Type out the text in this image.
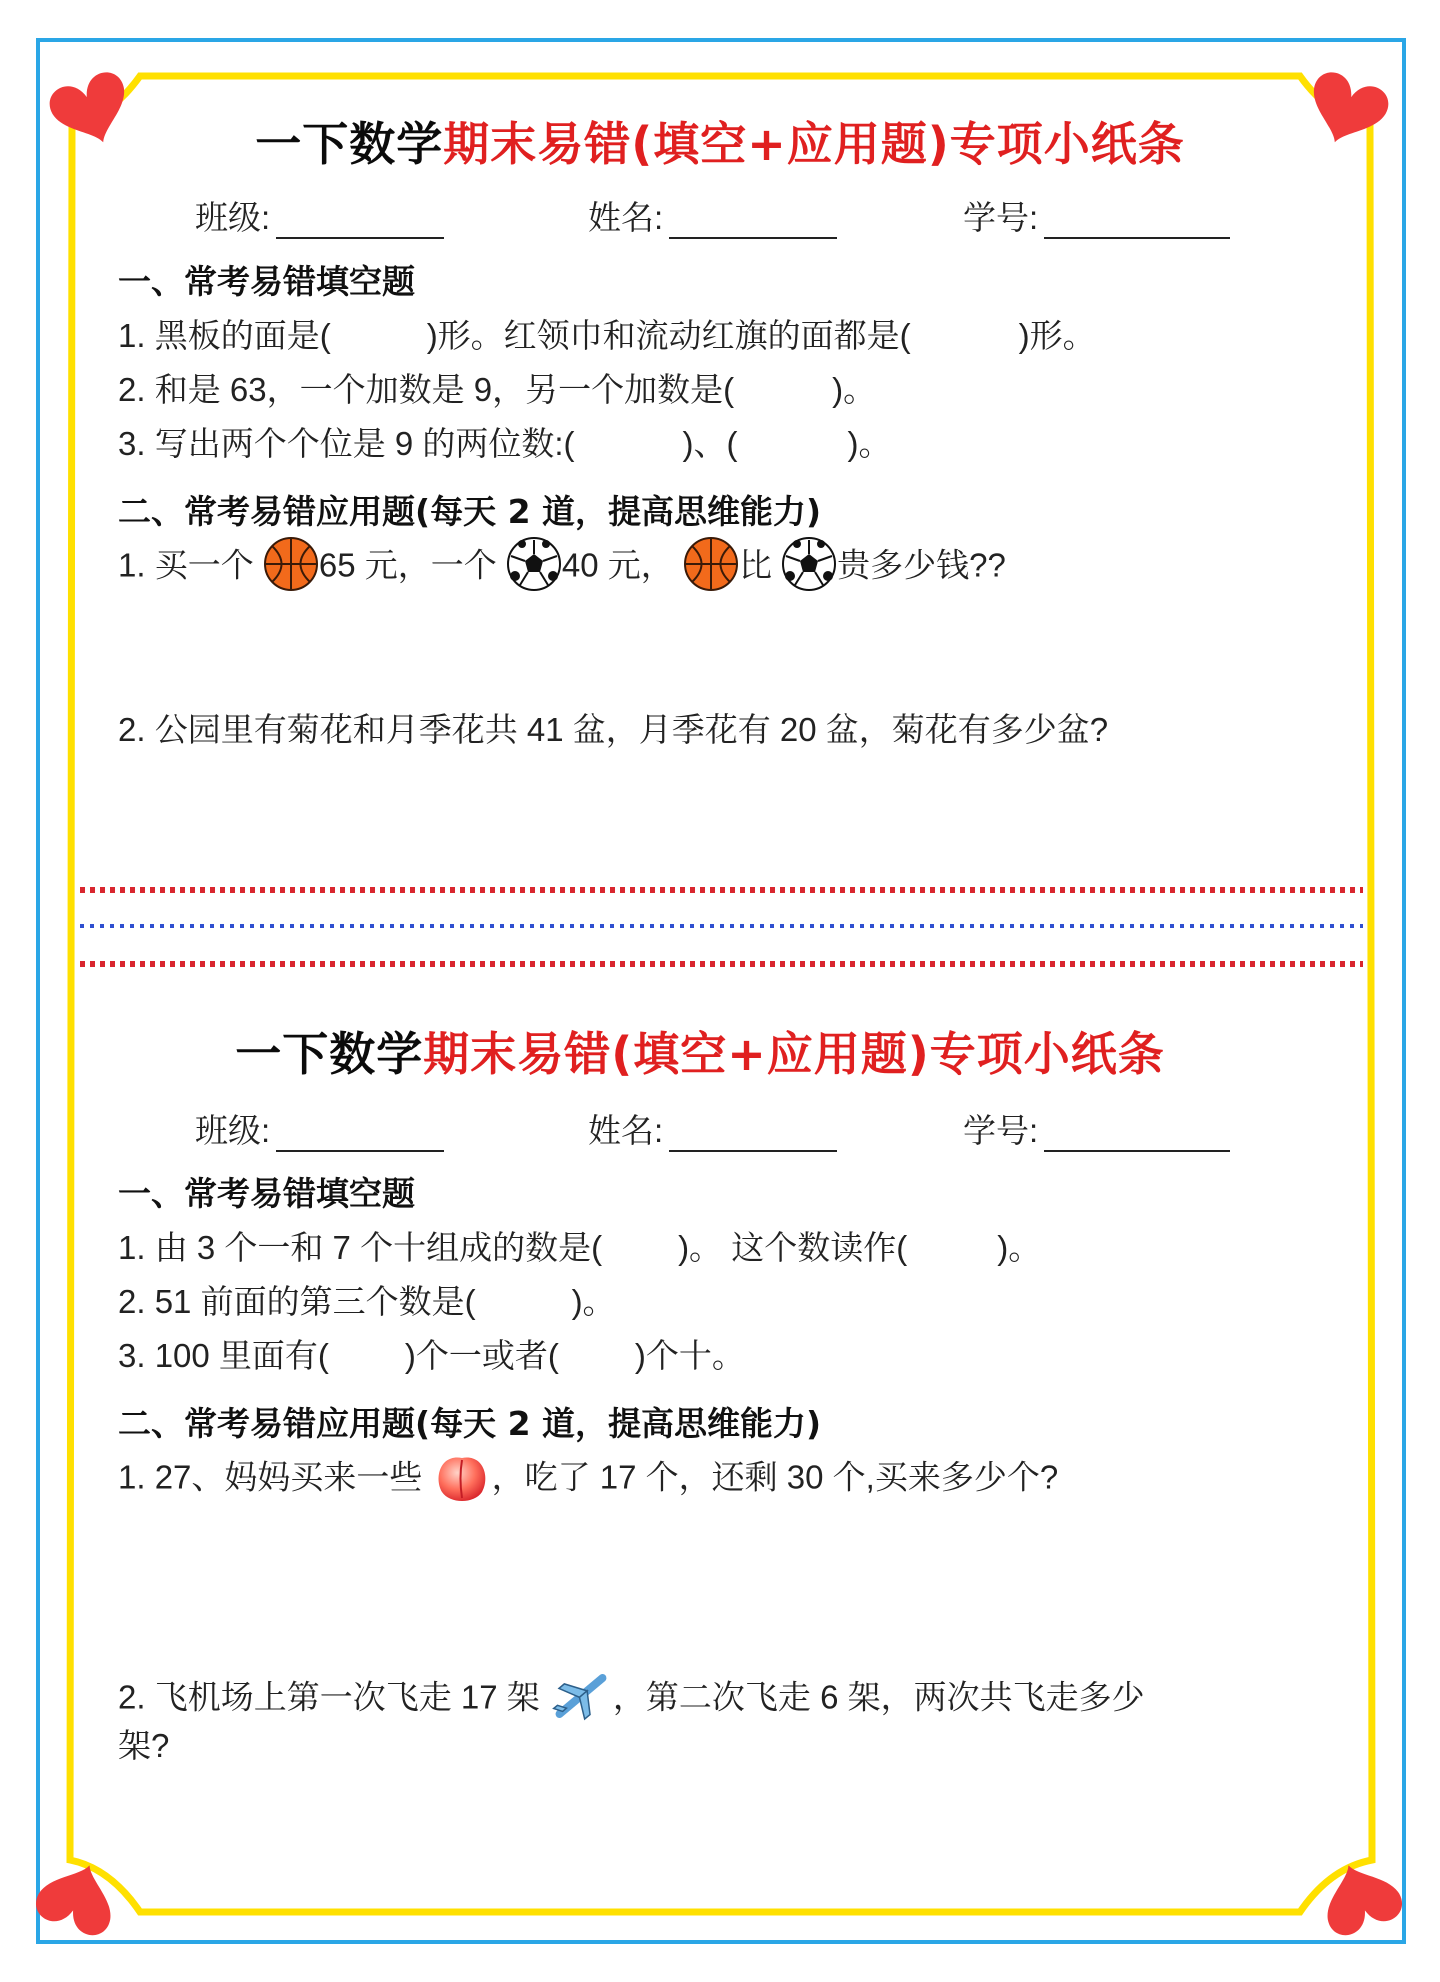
一下数学期末易错(填空+应用题)专项小纸条
班级:	姓名:	学号:
一、常考易错填空题
1. 黑板的面是(	)形。红领巾和流动红旗的面都是(	)形。
2. 和是 63，一个加数是 9，另一个加数是(	)。
3. 写出两个个位是 9 的两位数:(	)、(	)。
二、常考易错应用题(每天 2 道，提高思维能力)
1. 买一个 65 元，一个 40 元， 比 贵多少钱??
2. 公园里有菊花和月季花共 41 盆，月季花有 20 盆，菊花有多少盆?
一下数学期末易错(填空+应用题)专项小纸条
班级:	姓名:	学号:
一、常考易错填空题
1. 由 3 个一和 7 个十组成的数是( )。 这个数读作(	)。
2. 51 前面的第三个数是(	)。
3. 100 里面有( )个一或者( )个十。
二、常考易错应用题(每天 2 道，提高思维能力)
1. 27、妈妈买来一些 ，吃了 17 个，还剩 30 个,买来多少个?
2. 飞机场上第一次飞走 17 架 ，第二次飞走 6 架，两次共飞走多少
架?
